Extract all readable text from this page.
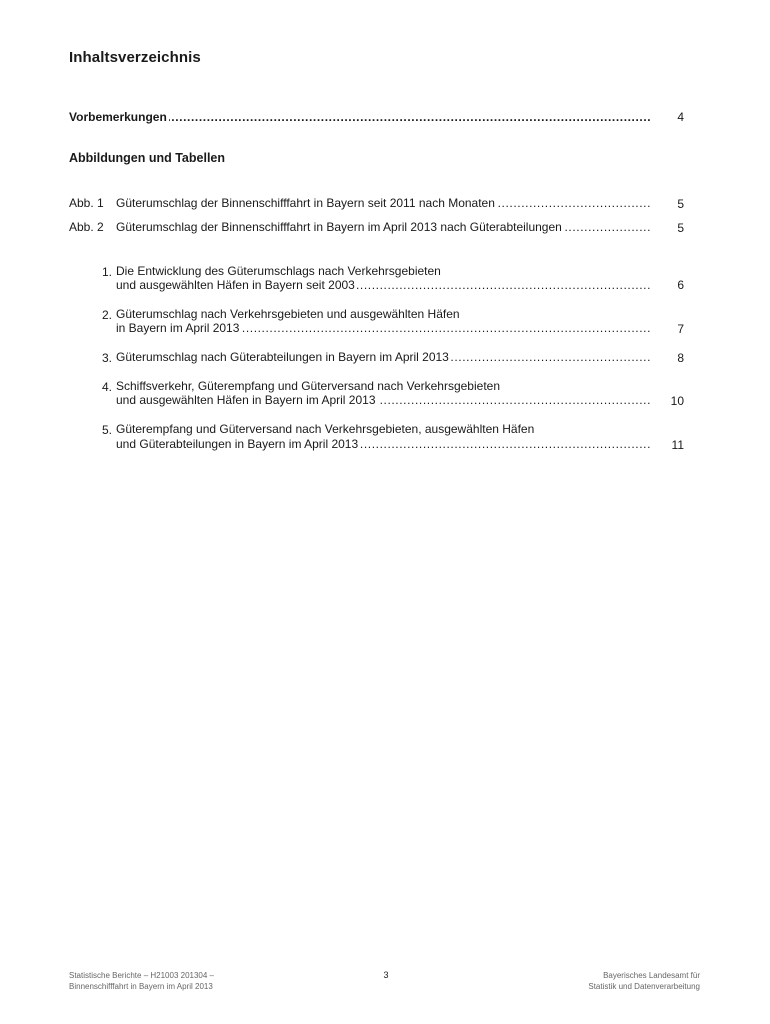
Inhaltsverzeichnis
Vorbemerkungen .....	4
Abbildungen und Tabellen
Abb. 1 Güterumschlag der Binnenschifffahrt in Bayern seit 2011 nach Monaten .....	5
Abb. 2 Güterumschlag der Binnenschifffahrt in Bayern im April 2013 nach Güterabteilungen .....	5
1. Die Entwicklung des Güterumschlags nach Verkehrsgebieten
und ausgewählten Häfen in Bayern seit 2003 .....	6
2. Güterumschlag nach Verkehrsgebieten und ausgewählten Häfen
in Bayern im April 2013 .....	7
3. Güterumschlag nach Güterabteilungen in Bayern im April 2013 .....	8
4. Schiffsverkehr, Güterempfang und Güterversand nach Verkehrsgebieten
und ausgewählten Häfen in Bayern im April 2013 .....	10
5. Güterempfang und Güterversand nach Verkehrsgebieten, ausgewählten Häfen
und Güterabteilungen in Bayern im April 2013 .....	11
Statistische Berichte – H21003 201304 –
Binnenschifffahrt in Bayern im April 2013
3	Bayerisches Landesamt für
Statistik und Datenverarbeitung
